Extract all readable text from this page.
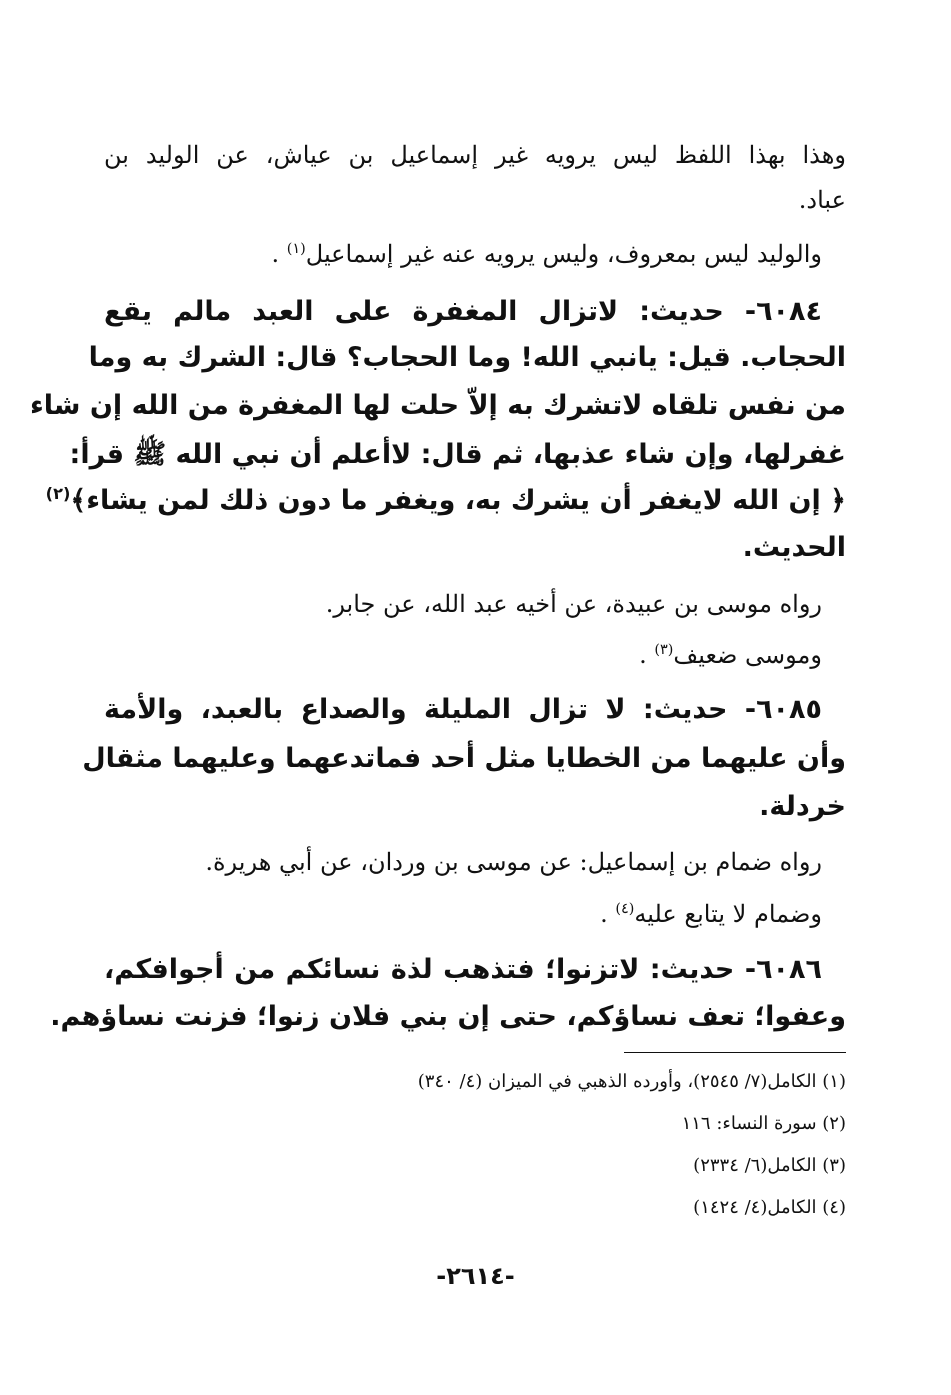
وهذا بهذا اللفظ ليس يرويه غير إسماعيل بن عياش، عن الوليد بن
عباد.
والوليد ليس بمعروف، وليس يرويه عنه غير إسماعيل$^{(١)}$ .
٦٠٨٤- حديث: لاتزال المغفرة على العبد مالم يقع
الحجاب. قيل: يانبي الله! وما الحجاب؟ قال: الشرك به وما
من نفس تلقاه لاتشرك به إلاّ حلت لها المغفرة من الله إن شاء
غفرلها، وإن شاء عذبها، ثم قال: لاأعلم أن نبي الله ﷺ قرأ:
﴿ إن الله لايغفر أن يشرك به، ويغفر ما دون ذلك لمن يشاء﴾$^{(٢)}$
الحديث.
رواه موسى بن عبيدة، عن أخيه عبد الله، عن جابر.
وموسى ضعيف$^{(٣)}$ .
٦٠٨٥- حديث: لا تزال المليلة والصداع بالعبد، والأمة
وأن عليهما من الخطايا مثل أحد فماتدعهما وعليهما مثقال
خردلة.
رواه ضمام بن إسماعيل: عن موسى بن وردان، عن أبي هريرة.
وضمام لا يتابع عليه$^{(٤)}$ .
٦٠٨٦- حديث: لاتزنوا؛ فتذهب لذة نسائكم من أجوافكم،
وعفوا؛ تعف نساؤكم، حتى إن بني فلان زنوا؛ فزنت نساؤهم.
(١) الكامل(٧/ ٢٥٤٥)، وأورده الذهبي في الميزان (٤/ ٣٤٠)
(٢) سورة النساء: ١١٦
(٣) الكامل(٦/ ٢٣٣٤)
(٤) الكامل(٤/ ١٤٢٤)
-٢٦١٤-
